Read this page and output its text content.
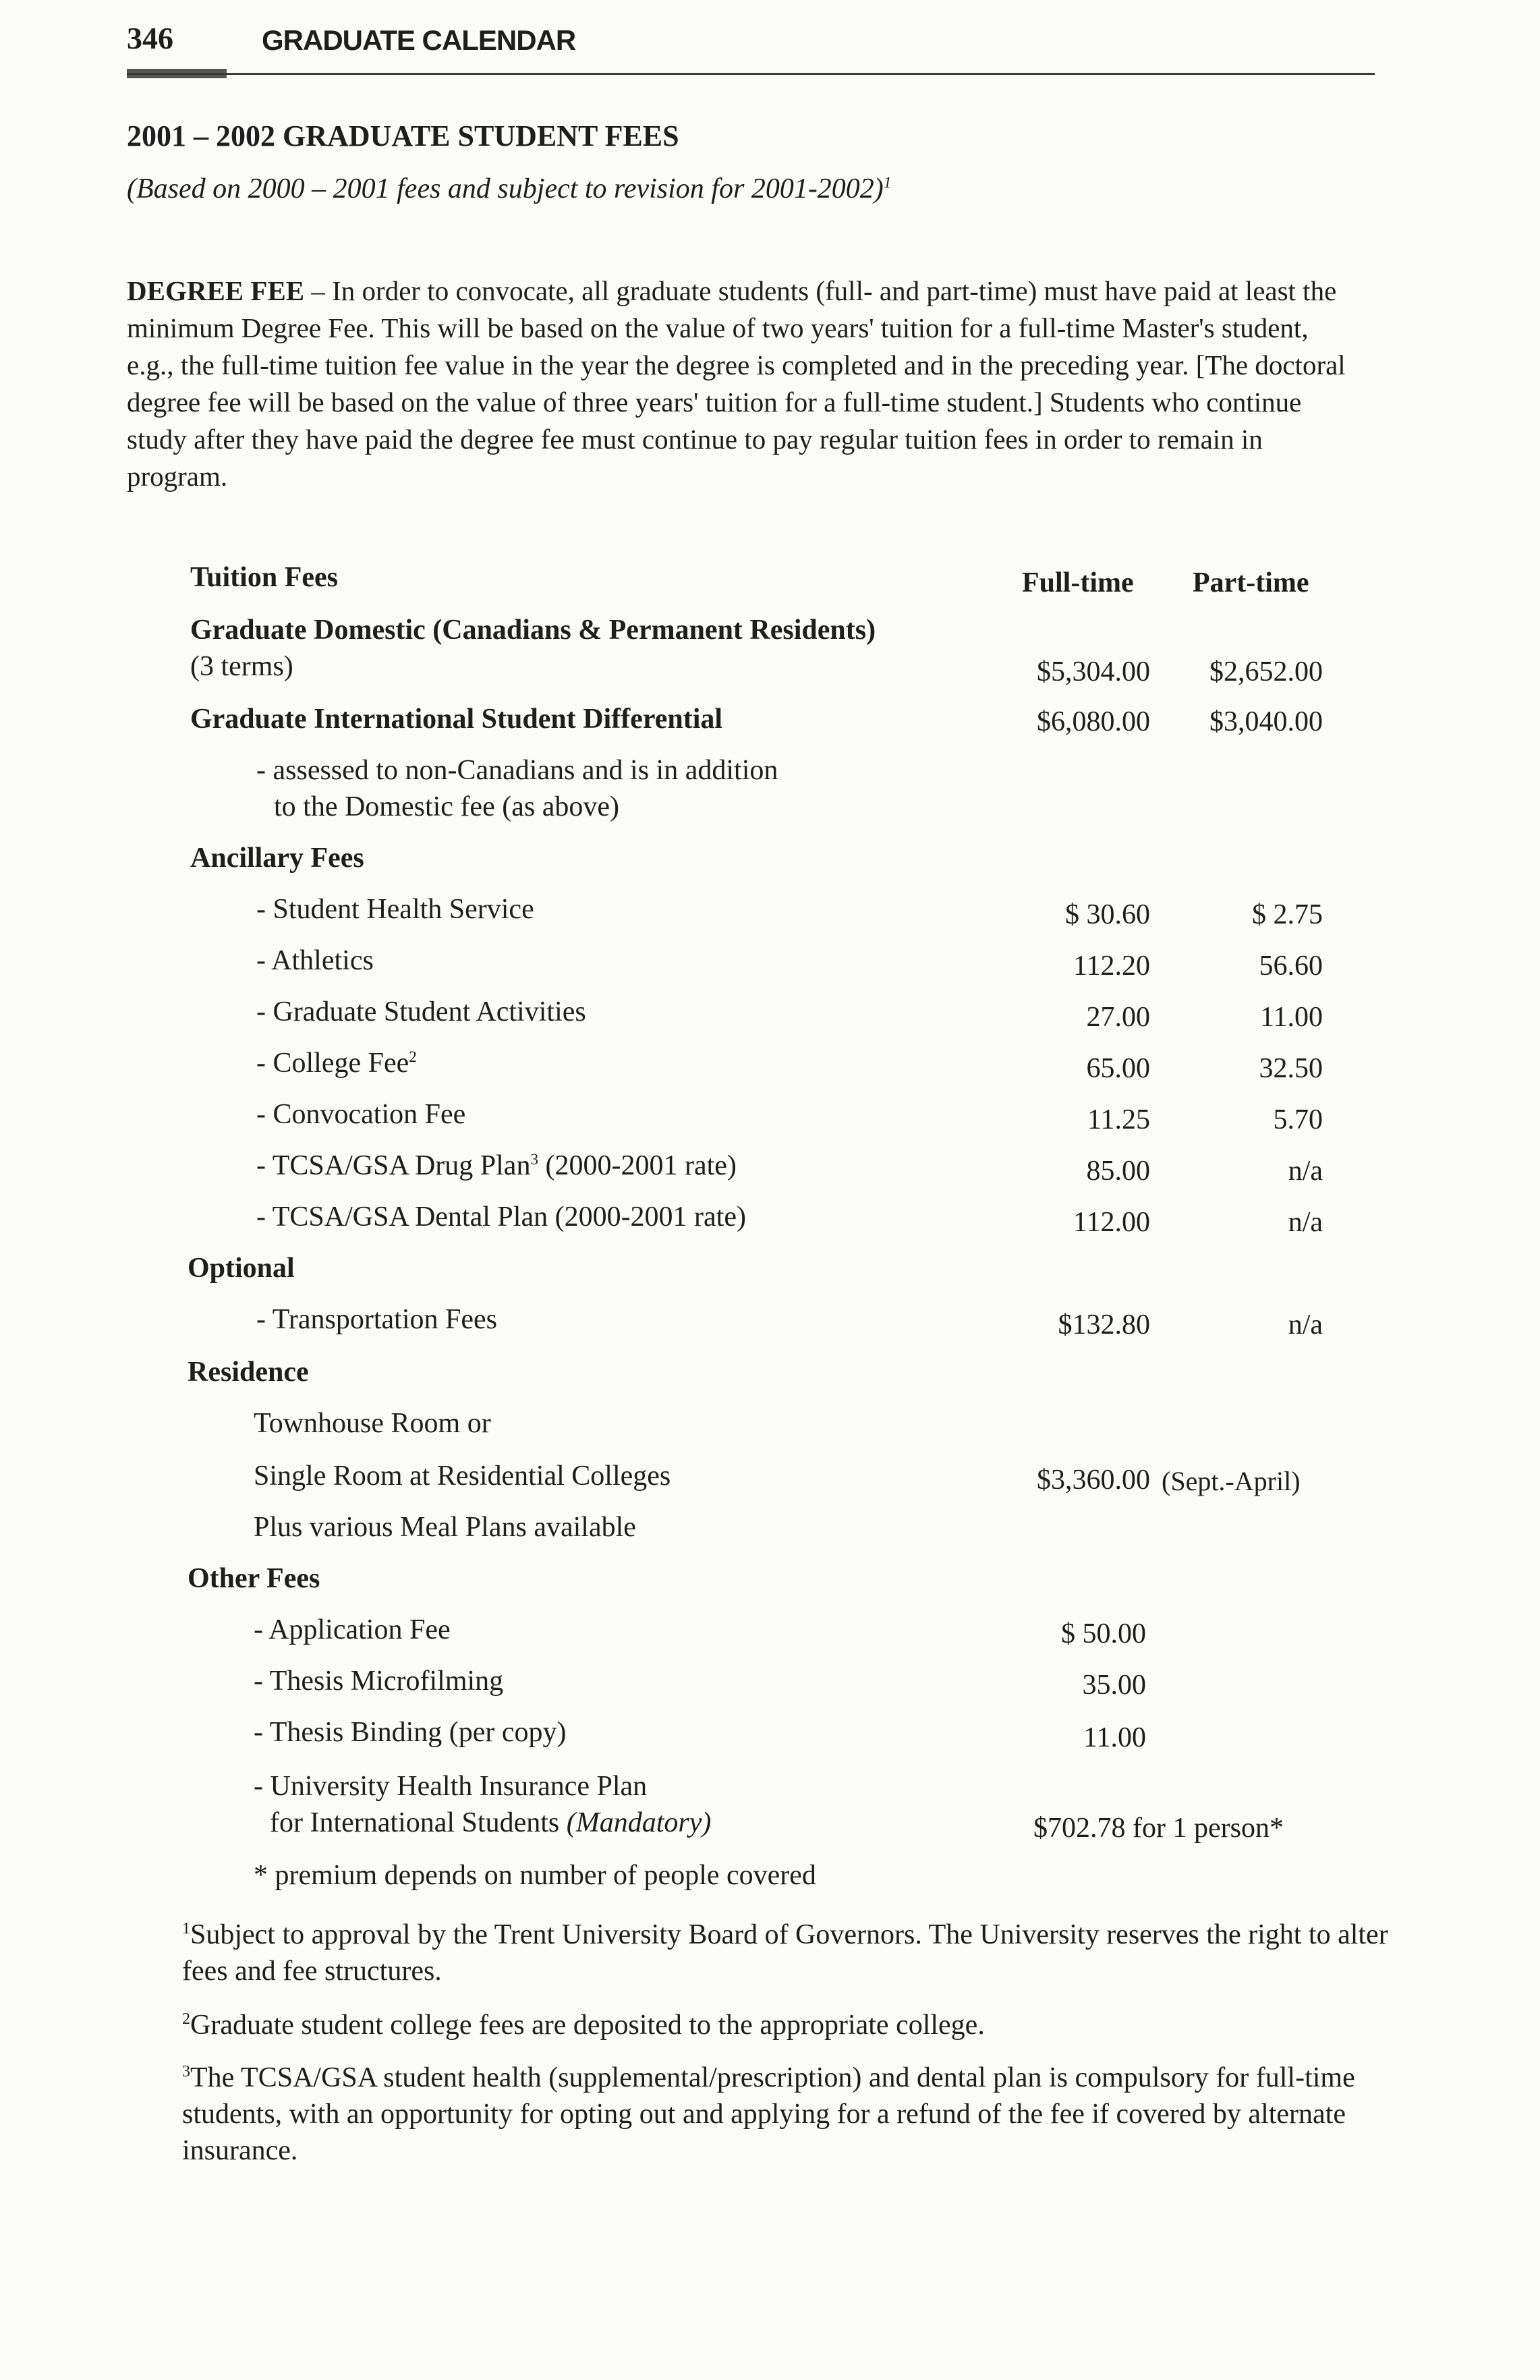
346	GRADUATE CALENDAR
2001 – 2002 GRADUATE STUDENT FEES
(Based on 2000 – 2001 fees and subject to revision for 2001-2002)$^1$
DEGREE FEE – In order to convocate, all graduate students (full- and part-time) must have paid at least the minimum Degree Fee. This will be based on the value of two years' tuition for a full-time Master's student, e.g., the full-time tuition fee value in the year the degree is completed and in the preceding year. [The doctoral degree fee will be based on the value of three years' tuition for a full-time student.] Students who continue study after they have paid the degree fee must continue to pay regular tuition fees in order to remain in program.
Tuition Fees	Full-time Part-time
Graduate Domestic (Canadians & Permanent Residents)
(3 terms)	$5,304.00 $2,652.00
Graduate International Student Differential	$6,080.00 $3,040.00
- assessed to non-Canadians and is in addition
to the Domestic fee (as above)
Ancillary Fees
- Student Health Service	$ 30.60	$ 2.75
- Athletics	112.20	56.60
- Graduate Student Activities	27.00	11.00
- College Fee$^2$	65.00	32.50
- Convocation Fee	11.25	5.70
- TCSA/GSA Drug Plan$^3$ (2000-2001 rate)	85.00	n/a
- TCSA/GSA Dental Plan (2000-2001 rate)	112.00	n/a
Optional
- Transportation Fees	$132.80	n/a
Residence
Townhouse Room or
Single Room at Residential Colleges	$3,360.00 (Sept.-April)
Plus various Meal Plans available
Other Fees
- Application Fee	$ 50.00
- Thesis Microfilming	35.00
- Thesis Binding (per copy)	11.00
- University Health Insurance Plan
for International Students (Mandatory)	$702.78 for 1 person*
* premium depends on number of people covered
$^1$Subject to approval by the Trent University Board of Governors. The University reserves the right to alter fees and fee structures.
$^2$Graduate student college fees are deposited to the appropriate college.
$^3$The TCSA/GSA student health (supplemental/prescription) and dental plan is compulsory for full-time students, with an opportunity for opting out and applying for a refund of the fee if covered by alternate insurance.
